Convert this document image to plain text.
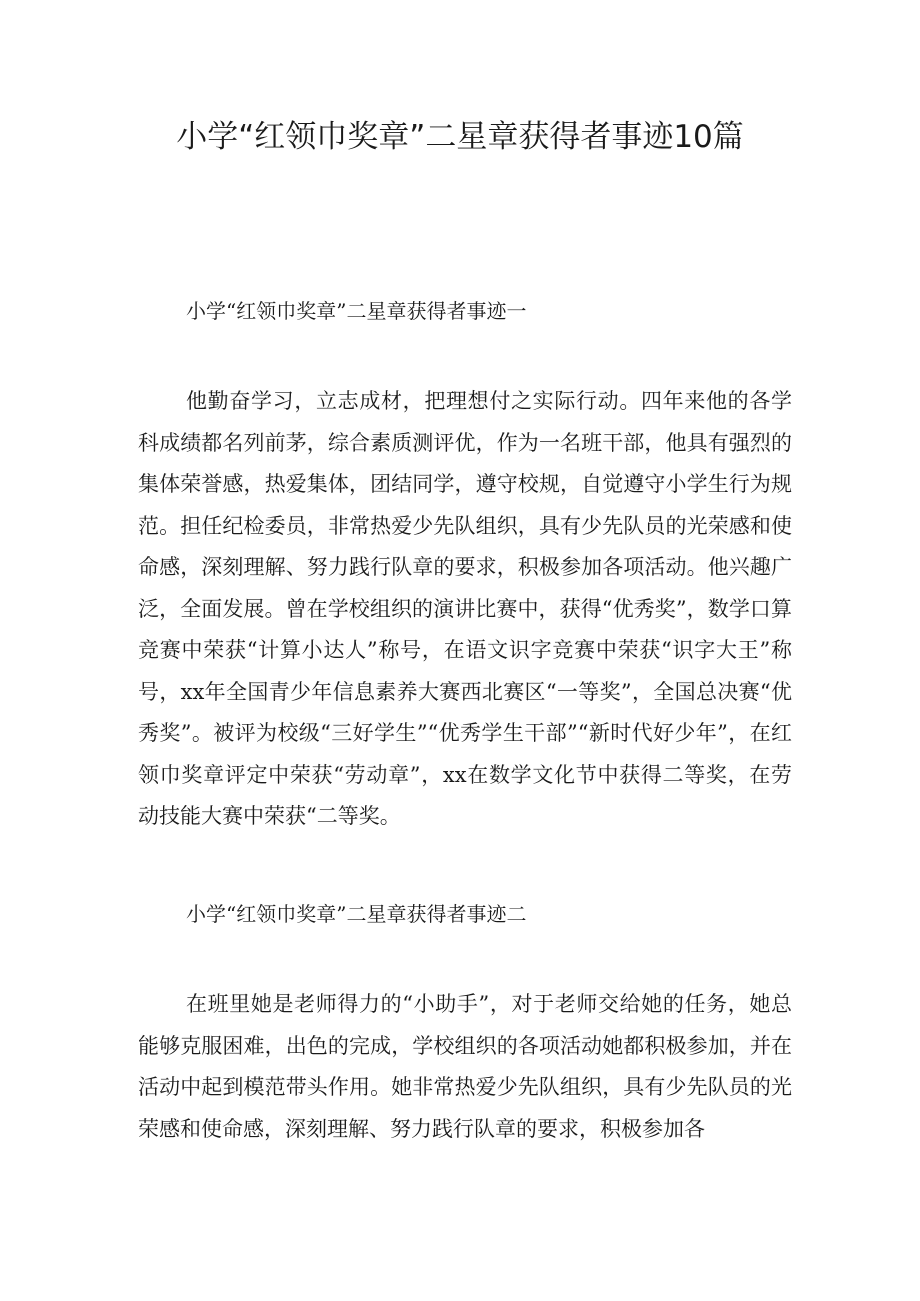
小学“红领巾奖章”二星章获得者事迹10篇
小学“红领巾奖章”二星章获得者事迹一

他勤奋学习，立志成材，把理想付之实际行动。四年来他的各学科成绩都名列前茅，综合素质测评优，作为一名班干部，他具有强烈的集体荣誉感，热爱集体，团结同学，遵守校规，自觉遵守小学生行为规范。担任纪检委员，非常热爱少先队组织，具有少先队员的光荣感和使命感，深刻理解、努力践行队章的要求，积极参加各项活动。他兴趣广泛，全面发展。曾在学校组织的演讲比赛中，获得“优秀奖”，数学口算竞赛中荣获“计算小达人”称号，在语文识字竞赛中荣获“识字大王”称号，xx年全国青少年信息素养大赛西北赛区“一等奖”，全国总决赛“优秀奖”。被评为校级“三好学生”“优秀学生干部”“新时代好少年”，在红领巾奖章评定中荣获“劳动章”，xx在数学文化节中获得二等奖，在劳动技能大赛中荣获“二等奖。

小学“红领巾奖章”二星章获得者事迹二

在班里她是老师得力的“小助手”，对于老师交给她的任务，她总能够克服困难，出色的完成，学校组织的各项活动她都积极参加，并在活动中起到模范带头作用。她非常热爱少先队组织，具有少先队员的光荣感和使命感，深刻理解、努力践行队章的要求，积极参加各
